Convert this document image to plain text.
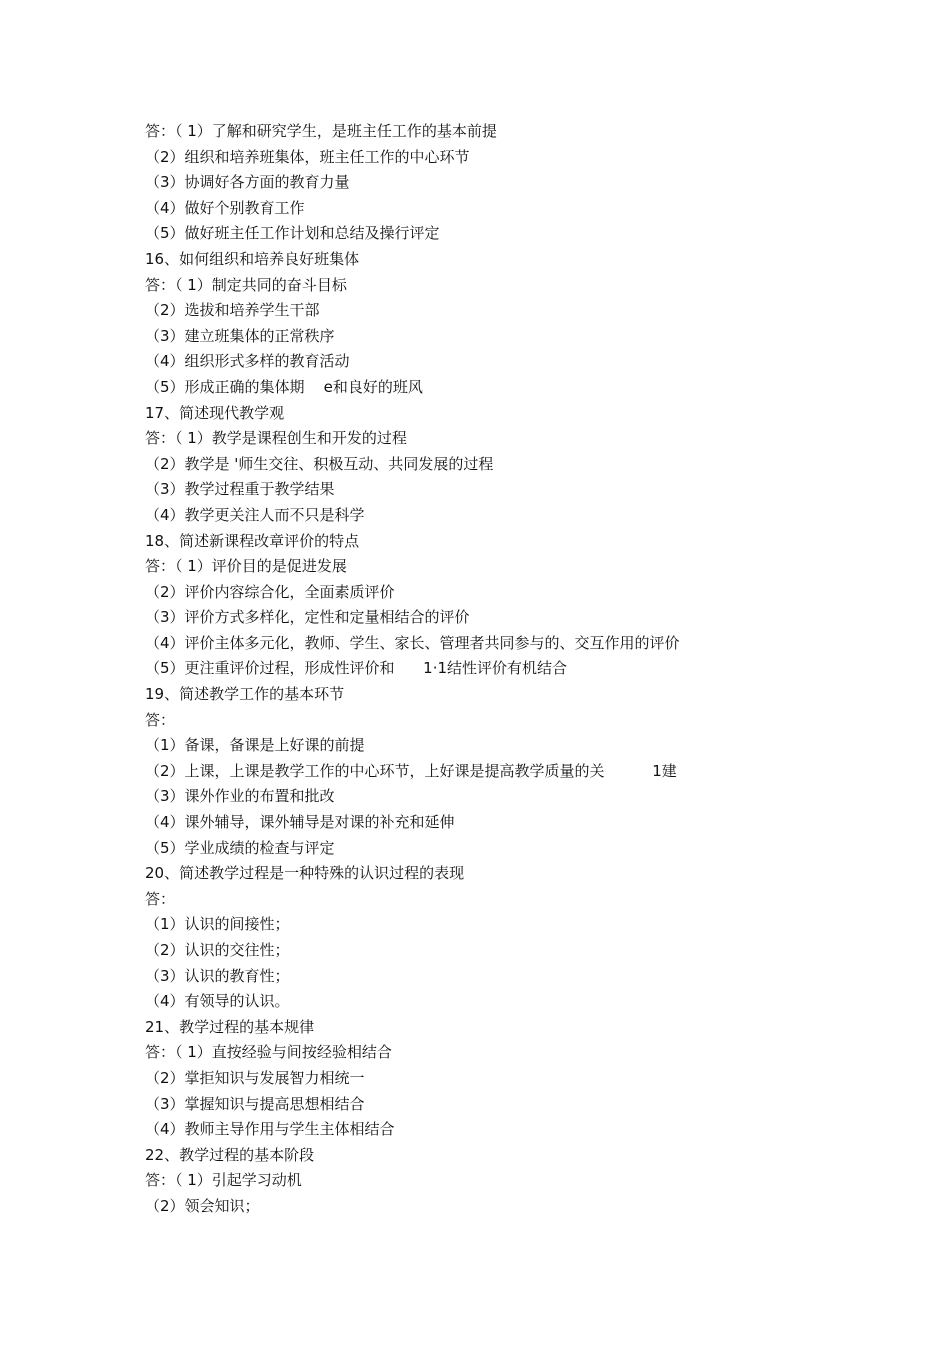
答：（ 1）了解和研究学生，是班主任工作的基本前提
（2）组织和培养班集体，班主任工作的中心环节
（3）协调好各方面的教育力量
（4）做好个别教育工作
（5）做好班主任工作计划和总结及操行评定
16、如何组织和培养良好班集体
答：（ 1）制定共同的奋斗目标
（2）选拔和培养学生干部
（3）建立班集体的正常秩序
（4）组织形式多样的教育活动
（5）形成正确的集体期    e和良好的班风
17、简述现代教学观
答：（ 1）教学是课程创生和开发的过程
（2）教学是 '师生交往、积极互动、共同发展的过程
（3）教学过程重于教学结果
（4）教学更关注人而不只是科学
18、简述新课程改章评价的特点
答：（ 1）评价目的是促进发展
（2）评价内容综合化，全面素质评价
（3）评价方式多样化，定性和定量相结合的评价
（4）评价主体多元化，教师、学生、家长、管理者共同参与的、交互作用的评价
（5）更注重评价过程，形成性评价和      1·1结性评价有机结合
19、简述教学工作的基本环节
答：
（1）备课，备课是上好课的前提
（2）上课，上课是教学工作的中心环节，上好课是提高教学质量的关          1建
（3）课外作业的布置和批改
（4）课外辅导，课外辅导是对课的补充和延伸
（5）学业成绩的检查与评定
20、简述教学过程是一种特殊的认识过程的表现
答：
（1）认识的间接性；
（2）认识的交往性；
（3）认识的教育性；
（4）有领导的认识。
21、教学过程的基本规律
答：（ 1）直按经验与间按经验相结合
（2）掌拒知识与发展智力相统一
（3）掌握知识与提高思想相结合
（4）教师主导作用与学生主体相结合
22、教学过程的基本阶段
答：（ 1）引起学习动机
（2）领会知识；
